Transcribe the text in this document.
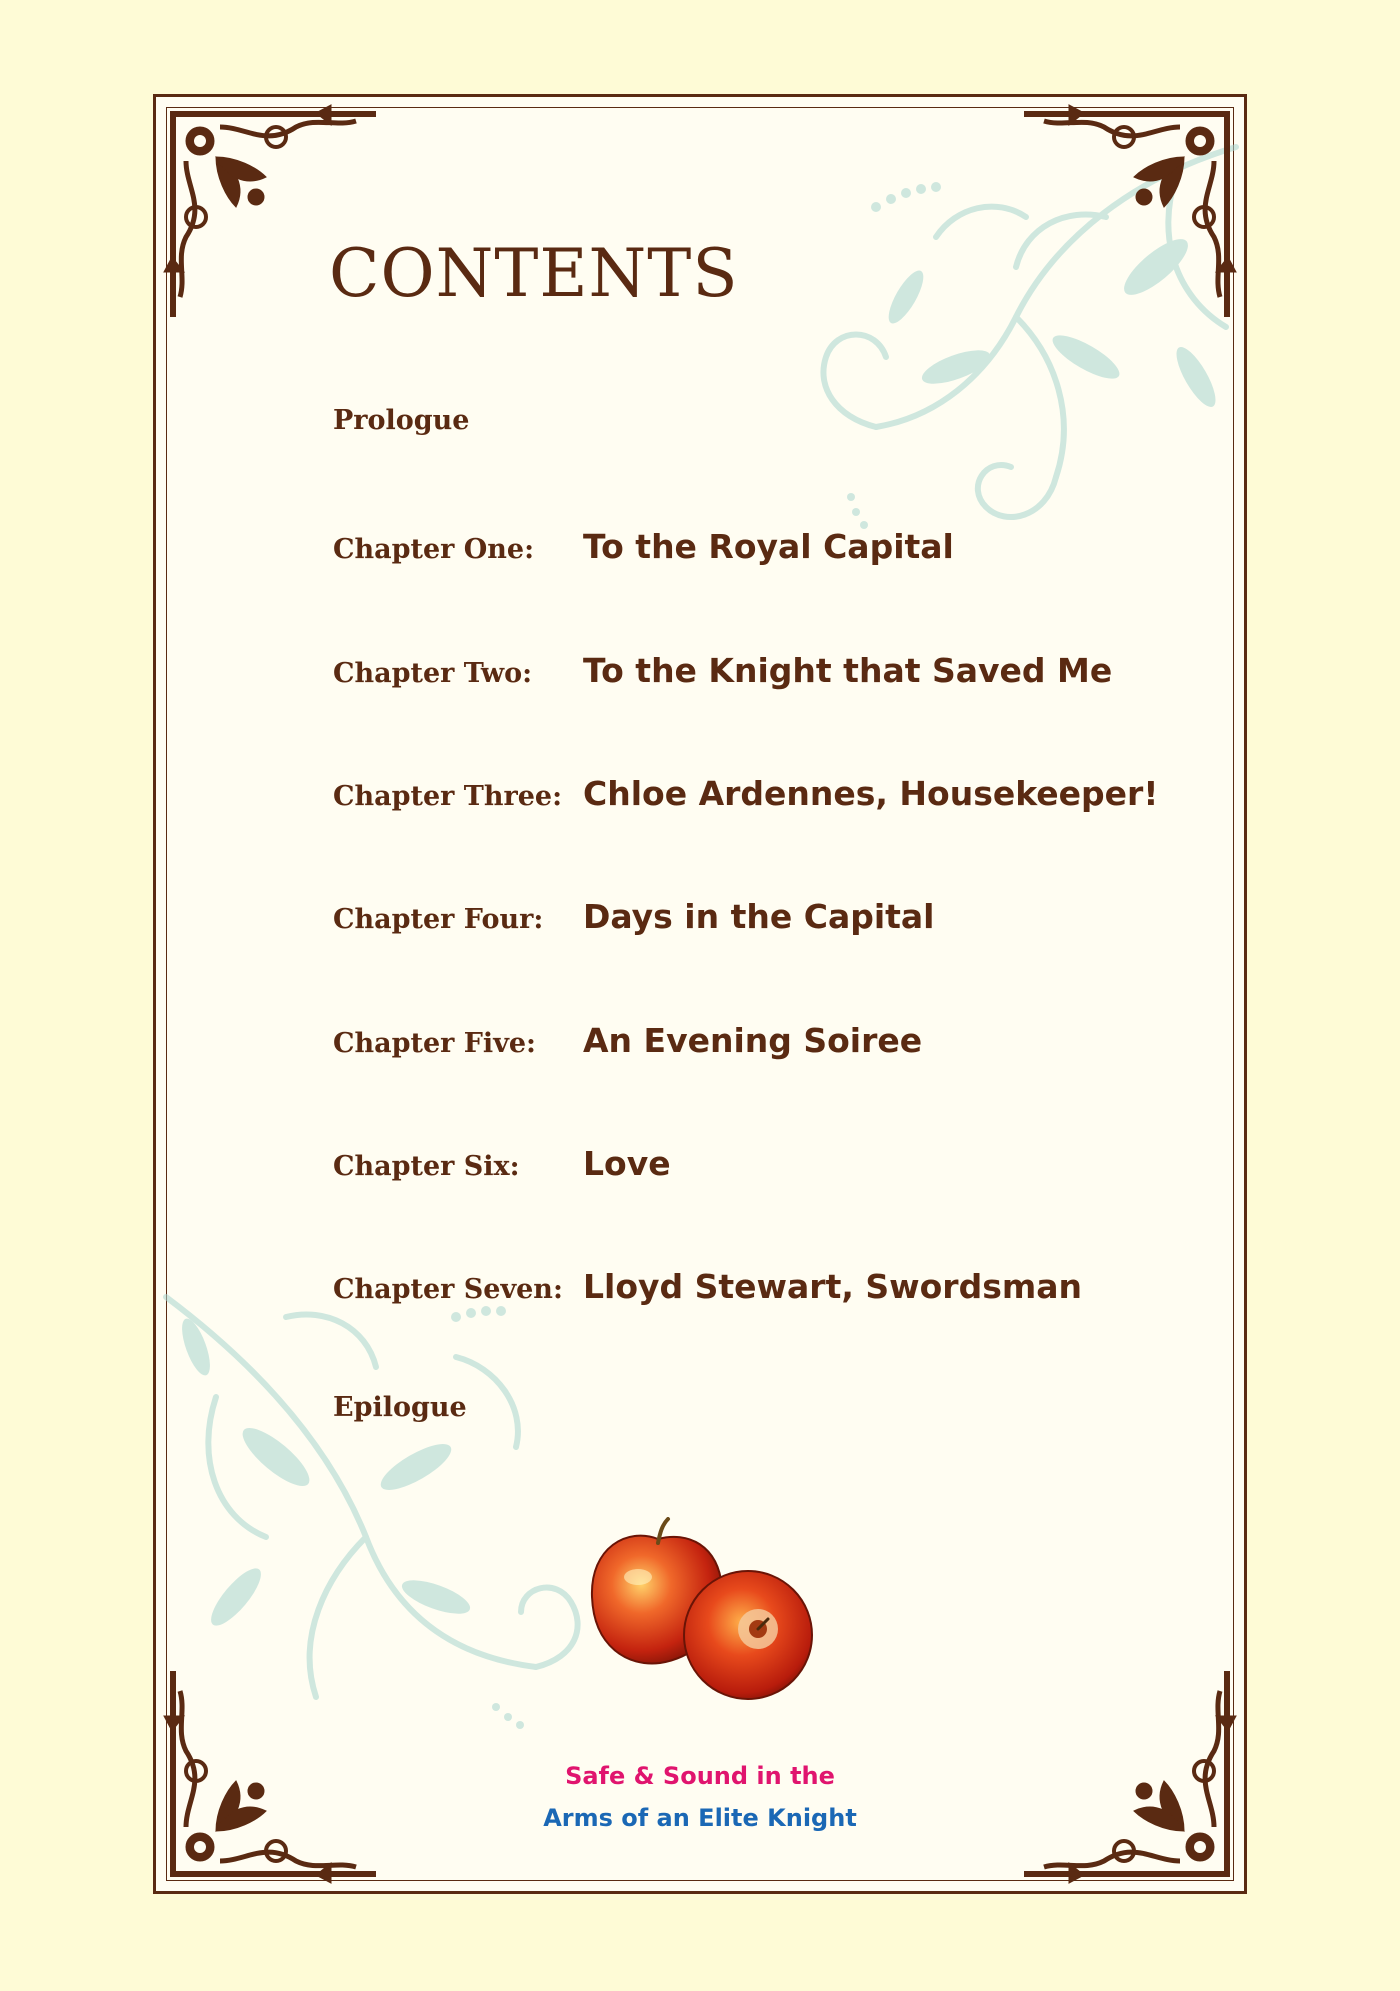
CONTENTS
Prologue
Chapter One:	To the Royal Capital
Chapter Two:	To the Knight that Saved Me
Chapter Three: Chloe Ardennes, Housekeeper!
Chapter Four:	Days in the Capital
Chapter Five:	An Evening Soiree
Chapter Six:	Love
Chapter Seven: Lloyd Stewart, Swordsman
Epilogue
Safe & Sound in the
Arms of an Elite Knight
